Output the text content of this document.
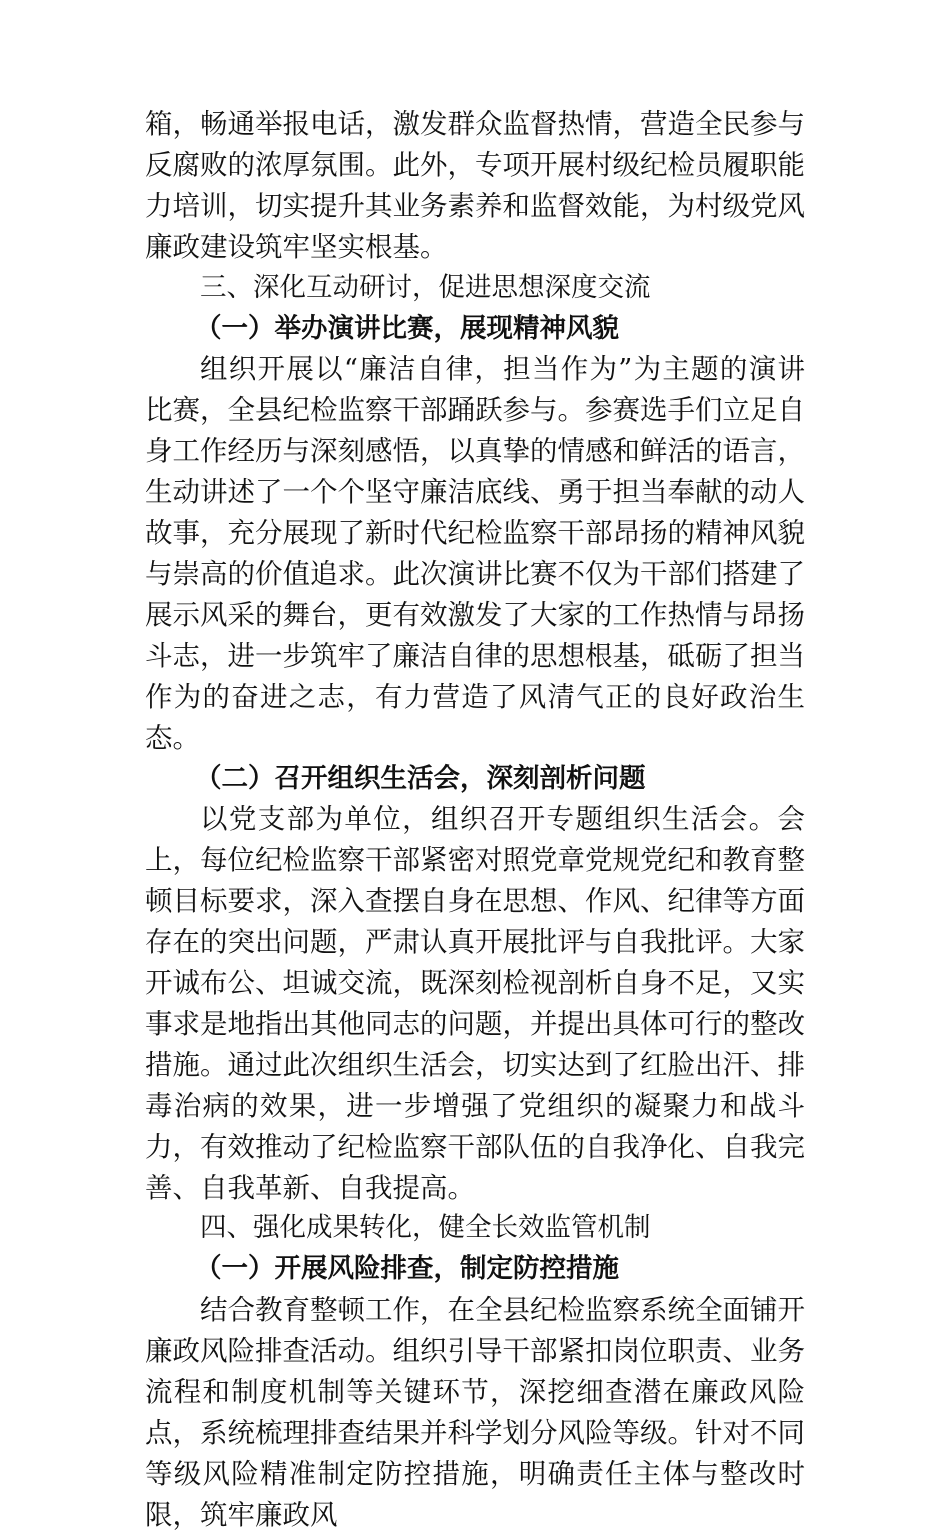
箱，畅通举报电话，激发群众监督热情，营造全民参与反腐败的浓厚氛围。此外，专项开展村级纪检员履职能力培训，切实提升其业务素养和监督效能，为村级党风廉政建设筑牢坚实根基。

三、深化互动研讨，促进思想深度交流

（一）举办演讲比赛，展现精神风貌

组织开展以“廉洁自律，担当作为”为主题的演讲比赛，全县纪检监察干部踊跃参与。参赛选手们立足自身工作经历与深刻感悟，以真挚的情感和鲜活的语言，生动讲述了一个个坚守廉洁底线、勇于担当奉献的动人故事，充分展现了新时代纪检监察干部昂扬的精神风貌与崇高的价值追求。此次演讲比赛不仅为干部们搭建了展示风采的舞台，更有效激发了大家的工作热情与昂扬斗志，进一步筑牢了廉洁自律的思想根基，砥砺了担当作为的奋进之志，有力营造了风清气正的良好政治生态。

（二）召开组织生活会，深刻剖析问题

以党支部为单位，组织召开专题组织生活会。会上，每位纪检监察干部紧密对照党章党规党纪和教育整顿目标要求，深入查摆自身在思想、作风、纪律等方面存在的突出问题，严肃认真开展批评与自我批评。大家开诚布公、坦诚交流，既深刻检视剖析自身不足，又实事求是地指出其他同志的问题，并提出具体可行的整改措施。通过此次组织生活会，切实达到了红脸出汗、排毒治病的效果，进一步增强了党组织的凝聚力和战斗力，有效推动了纪检监察干部队伍的自我净化、自我完善、自我革新、自我提高。

四、强化成果转化，健全长效监管机制

（一）开展风险排查，制定防控措施

结合教育整顿工作，在全县纪检监察系统全面铺开廉政风险排查活动。组织引导干部紧扣岗位职责、业务流程和制度机制等关键环节，深挖细查潜在廉政风险点，系统梳理排查结果并科学划分风险等级。针对不同等级风险精准制定防控措施，明确责任主体与整改时限，筑牢廉政风
